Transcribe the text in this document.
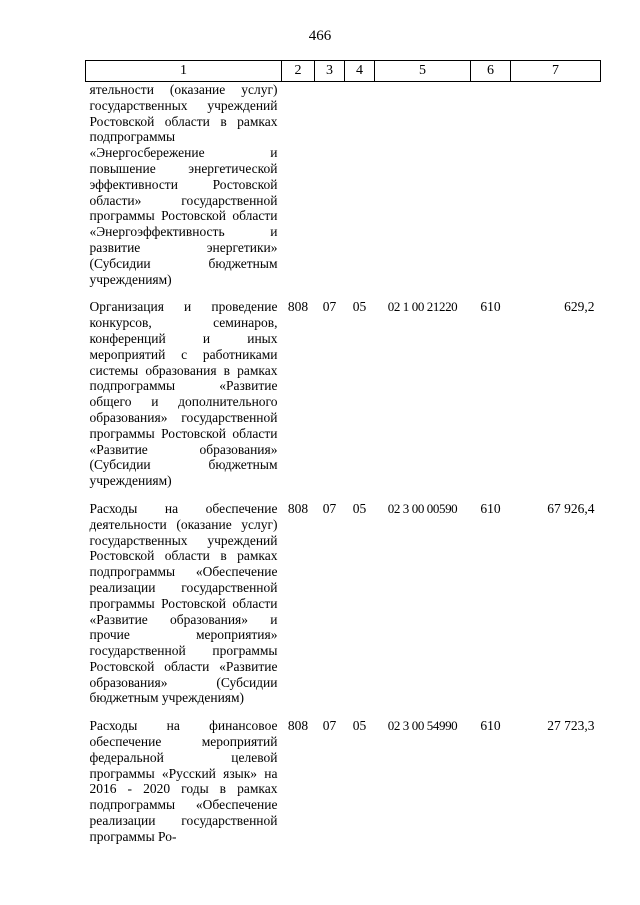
466
1	2	3	4	5	6	7
ятельности (оказание услуг) государственных учреждений Ростовской области в рамках подпрограммы «Энергосбережение и повышение энергетической эффективности Ростовской области» государственной программы Ростовской области «Энергоэффективность и развитие энергетики» (Субсидии бюджетным учреждениям)						
Организация и проведение конкурсов, семинаров, конференций и иных мероприятий с работниками системы образования в рамках подпрограммы «Развитие общего и дополнительного образования» государственной программы Ростовской области «Развитие образования» (Субсидии бюджетным учреждениям)	808	07	05	02 1 00 21220	610	629,2
Расходы на обеспечение деятельности (оказание услуг) государственных учреждений Ростовской области в рамках подпрограммы «Обеспечение реализации государственной программы Ростовской области «Развитие образования» и прочие мероприятия» государственной программы Ростовской области «Развитие образования» (Субсидии бюджетным учреждениям)	808	07	05	02 3 00 00590	610	67 926,4
Расходы на финансовое обеспечение мероприятий федеральной целевой программы «Русский язык» на 2016 - 2020 годы в рамках подпрограммы «Обеспечение реализации государственной программы Ро-	808	07	05	02 3 00 54990	610	27 723,3
